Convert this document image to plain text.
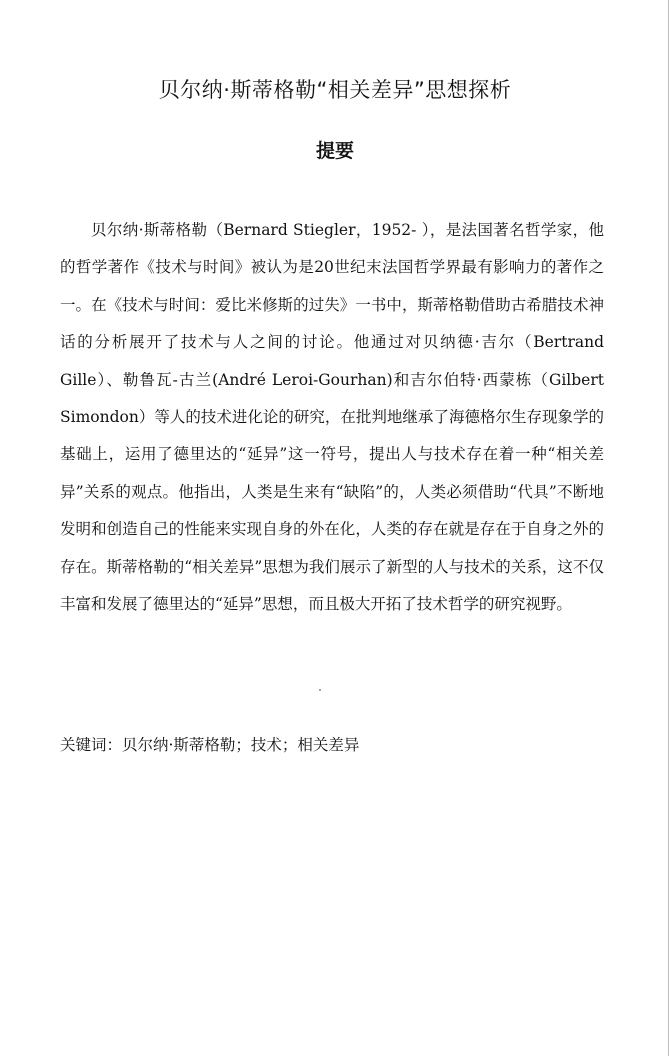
贝尔纳·斯蒂格勒“相关差异”思想探析
提要

贝尔纳·斯蒂格勒（Bernard Stiegler，1952- ），是法国著名哲学家，他的哲学著作《技术与时间》被认为是20世纪末法国哲学界最有影响力的著作之一。在《技术与时间：爱比米修斯的过失》一书中，斯蒂格勒借助古希腊技术神话的分析展开了技术与人之间的讨论。他通过对贝纳德·吉尔（Bertrand Gille）、勒鲁瓦-古兰(André Leroi-Gourhan)和吉尔伯特·西蒙栋（Gilbert Simondon）等人的技术进化论的研究，在批判地继承了海德格尔生存现象学的基础上，运用了德里达的“延异”这一符号，提出人与技术存在着一种“相关差异”关系的观点。他指出，人类是生来有“缺陷”的，人类必须借助“代具”不断地发明和创造自己的性能来实现自身的外在化，人类的存在就是存在于自身之外的存在。斯蒂格勒的“相关差异”思想为我们展示了新型的人与技术的关系，这不仅丰富和发展了德里达的“延异”思想，而且极大开拓了技术哲学的研究视野。

关键词：贝尔纳·斯蒂格勒；技术；相关差异
